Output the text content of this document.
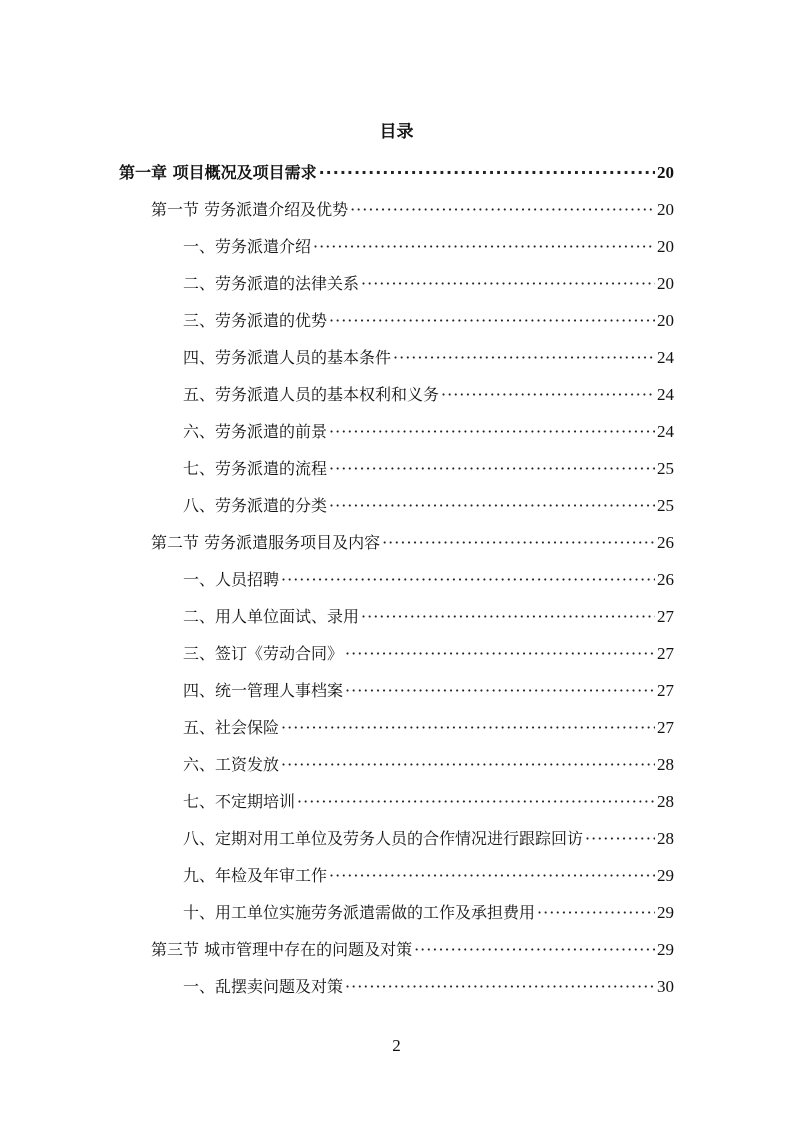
目录
第一章 项目概况及项目需求 ·····	20
第一节 劳务派遣介绍及优势 ·····	20
一、劳务派遣介绍 ·····	20
二、劳务派遣的法律关系 ·····	20
三、劳务派遣的优势 ·····	20
四、劳务派遣人员的基本条件 ·····	24
五、劳务派遣人员的基本权利和义务 ·····	24
六、劳务派遣的前景 ·····	24
七、劳务派遣的流程 ·····	25
八、劳务派遣的分类 ·····	25
第二节 劳务派遣服务项目及内容 ·····	26
一、人员招聘 ·····	26
二、用人单位面试、录用 ·····	27
三、签订《劳动合同》 ·····	27
四、统一管理人事档案 ·····	27
五、社会保险 ·····	27
六、工资发放 ·····	28
七、不定期培训 ·····	28
八、定期对用工单位及劳务人员的合作情况进行跟踪回访 ·····	28
九、年检及年审工作 ·····	29
十、用工单位实施劳务派遣需做的工作及承担费用 ·····	29
第三节 城市管理中存在的问题及对策 ·····	29
一、乱摆卖问题及对策 ·····	30
2
